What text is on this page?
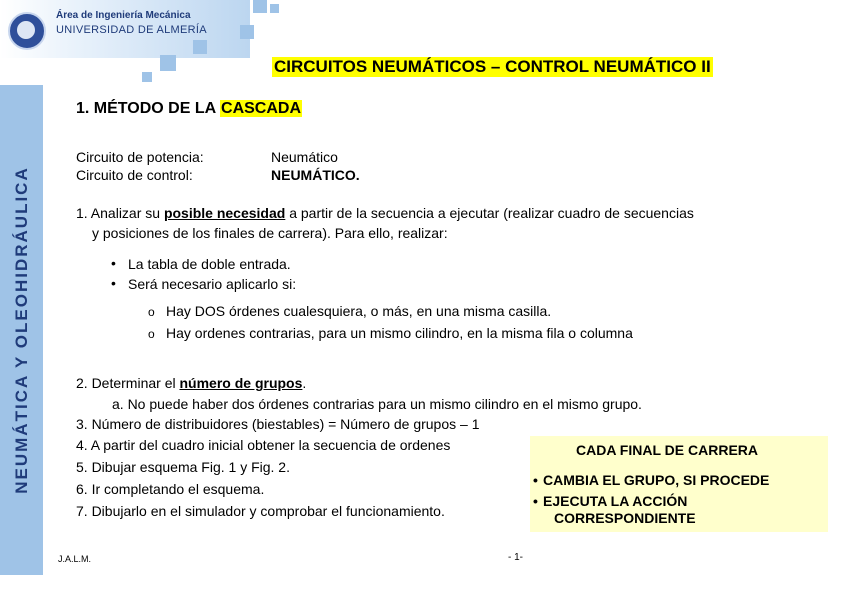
Área de Ingeniería Mecánica
UNIVERSIDAD DE ALMERÍA
CIRCUITOS NEUMÁTICOS – CONTROL NEUMÁTICO II
NEUMÁTICA Y OLEOHIDRÁULICA
1. MÉTODO DE LA CASCADA
Circuito de potencia:	Neumático
Circuito de control:	NEUMÁTICO.
1. Analizar su posible necesidad a partir de la secuencia a ejecutar (realizar cuadro de secuencias
y posiciones de los finales de carrera). Para ello, realizar:
• La tabla de doble entrada.
• Será necesario aplicarlo si:
o Hay DOS órdenes cualesquiera, o más, en una misma casilla.
o Hay ordenes contrarias, para un mismo cilindro, en la misma fila o columna
2. Determinar el número de grupos.
a. No puede haber dos órdenes contrarias para un mismo cilindro en el mismo grupo.
3. Número de distribuidores (biestables) = Número de grupos – 1
4. A partir del cuadro inicial obtener la secuencia de ordenes
5. Dibujar esquema Fig. 1 y Fig. 2.
6. Ir completando el esquema.
7. Dibujarlo en el simulador y comprobar el funcionamiento.
CADA FINAL DE CARRERA
• CAMBIA EL GRUPO, SI PROCEDE
• EJECUTA LA ACCIÓN
CORRESPONDIENTE
J.A.L.M.	- 1-
